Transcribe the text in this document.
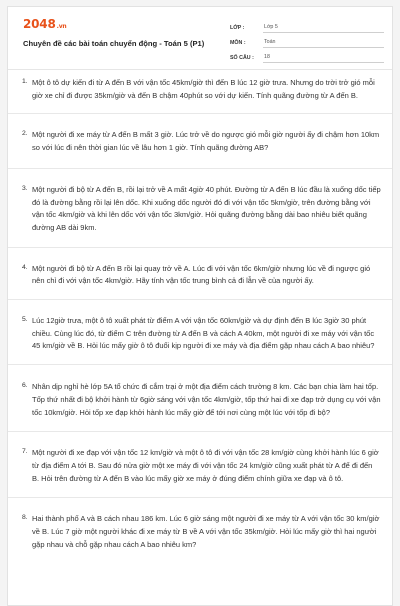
2048.vn
Chuyên đề các bài toán chuyển động - Toán 5 (P1)
LỚP :	Lớp 5
MÔN :	Toán
SỐ CÂU :	18
1. Một ô tô dự kiến đi từ A đến B với vận tốc 45km/giờ thì đến B lúc 12 giờ trưa. Nhưng do trời trở gió mỗi giờ xe chỉ đi được 35km/giờ và đến B chậm 40phút so với dự kiến. Tính quãng đường từ A đến B.
2. Một người đi xe máy từ A đến B mất 3 giờ. Lúc trở về do ngược gió mỗi giờ người ấy đi chậm hơn 10km so với lúc đi nên thời gian lúc về lâu hơn 1 giờ. Tính quãng đường AB?
3. Một người đi bộ từ A đến B, rồi lại trở về A mất 4giờ 40 phút. Đường từ A đến B lúc đầu là xuống dốc tiếp đó là đường bằng rồi lại lên dốc. Khi xuống dốc người đó đi với vận tốc 5km/giờ, trên đường bằng với vận tốc 4km/giờ và khi lên dốc với vận tốc 3km/giờ. Hỏi quãng đường bằng dài bao nhiêu biết quãng đường AB dài 9km.
4. Một người đi bộ từ A đến B rồi lại quay trở về A. Lúc đi với vận tốc 6km/giờ nhưng lúc về đi ngược gió nên chỉ đi với vận tốc 4km/giờ. Hãy tính vận tốc trung bình cả đi lẫn về của người ấy.
5. Lúc 12giờ trưa, một ô tô xuất phát từ điểm A với vận tốc 60km/giờ và dự định đến B lúc 3giờ 30 phút chiều. Cùng lúc đó, từ điểm C trên đường từ A đến B và cách A 40km, một người đi xe máy với vận tốc 45 km/giờ về B. Hỏi lúc mấy giờ ô tô đuổi kịp người đi xe máy và địa điểm gặp nhau cách A bao nhiêu?
6. Nhân dịp nghỉ hè lớp 5A tổ chức đi cắm trại ở một địa điểm cách trường 8 km. Các bạn chia làm hai tốp. Tốp thứ nhất đi bộ khởi hành từ 6giờ sáng với vận tốc 4km/giờ, tốp thứ hai đi xe đạp trở dụng cụ với vận tốc 10km/giờ. Hỏi tốp xe đạp khởi hành lúc mấy giờ để tới nơi cùng một lúc với tốp đi bộ?
7. Một người đi xe đạp với vận tốc 12 km/giờ và một ô tô đi với vận tốc 28 km/giờ cùng khởi hành lúc 6 giờ từ địa điểm A tới B. Sau đó nửa giờ một xe máy đi với vận tốc 24 km/giờ cũng xuất phát từ A để đi đến B. Hỏi trên đường từ A đến B vào lúc mấy giờ xe máy ở đúng điểm chính giữa xe đạp và ô tô.
8. Hai thành phố A và B cách nhau 186 km. Lúc 6 giờ sáng một người đi xe máy từ A với vận tốc 30 km/giờ về B. Lúc 7 giờ một người khác đi xe máy từ B về A với vận tốc 35km/giờ. Hỏi lúc mấy giờ thì hai người gặp nhau và chỗ gặp nhau cách A bao nhiêu km?
